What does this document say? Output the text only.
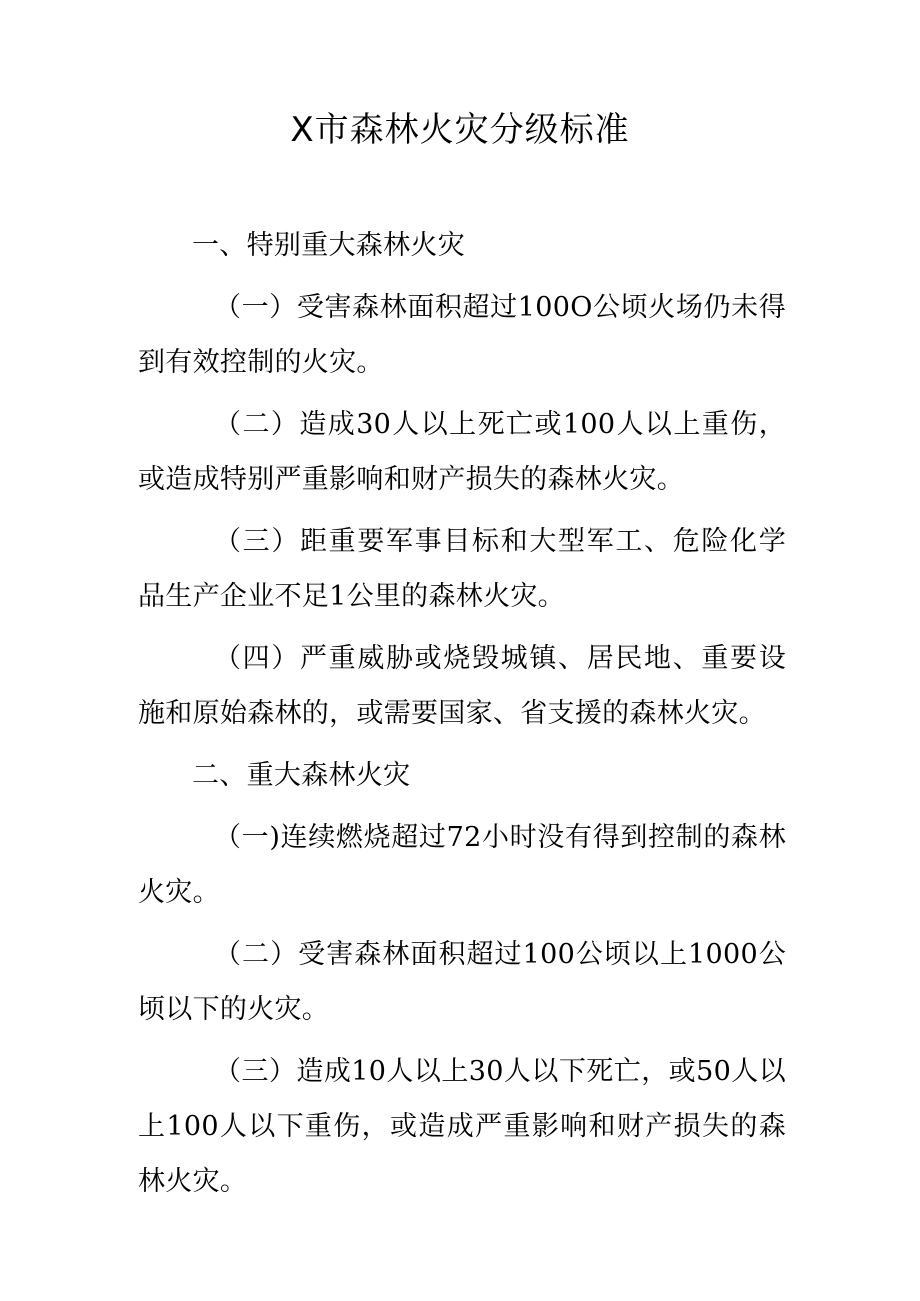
X市森林火灾分级标准

一、特别重大森林火灾

（一）受害森林面积超过100O公顷火场仍未得到有效控制的火灾。

（二）造成30人以上死亡或100人以上重伤，或造成特别严重影响和财产损失的森林火灾。

（三）距重要军事目标和大型军工、危险化学品生产企业不足1公里的森林火灾。

（四）严重威胁或烧毁城镇、居民地、重要设施和原始森林的，或需要国家、省支援的森林火灾。

二、重大森林火灾

（一)连续燃烧超过72小时没有得到控制的森林火灾。

（二）受害森林面积超过100公顷以上1000公顷以下的火灾。

（三）造成10人以上30人以下死亡，或50人以上100人以下重伤，或造成严重影响和财产损失的森林火灾。
